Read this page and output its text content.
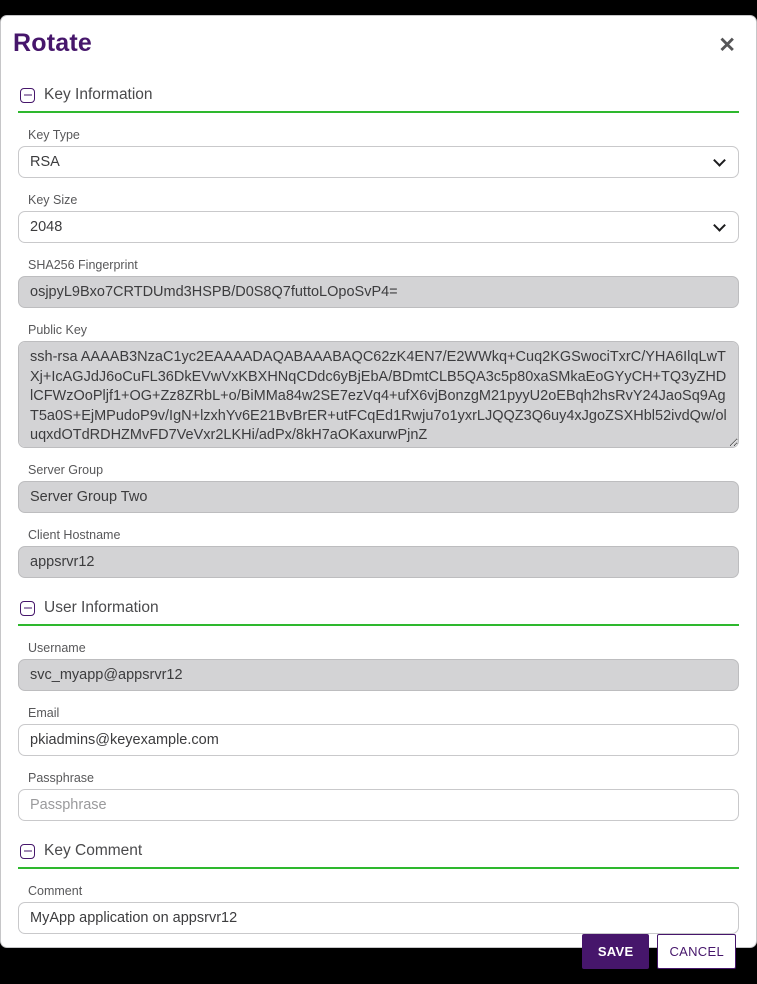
Rotate	✕
Key Information
Key Type
RSA
Key Size
2048
SHA256 Fingerprint
osjpyL9Bxo7CRTDUmd3HSPB/D0S8Q7futtoLOpoSvP4=
Public Key
ssh-rsa AAAAB3NzaC1yc2EAAAADAQABAAABAQC62zK4EN7/E2WWkq+Cuq2KGSwociTxrC/YHA6IlqLwTXj+IcAGJdJ6oCuFL36DkEVwVxKBXHNqCDdc6yBjEbA/BDmtCLB5QA3c5p80xaSMkaEoGYyCH+TQ3yZHDlCFWzOoPljf1+OG+Zz8ZRbL+o/BiMMa84w2SE7ezVq4+ufX6vjBonzgM21pyyU2oEBqh2hsRvY24JaoSq9AgT5a0S+EjMPudoP9v/IgN+lzxhYv6E21BvBrER+utFCqEd1Rwju7o1yxrLJQQZ3Q6uy4xJgoZSXHbl52ivdQw/oluqxdOTdRDHZMvFD7VeVxr2LKHi/adPx/8kH7aOKaxurwPjnZ
Server Group
Server Group Two
Client Hostname
appsrvr12
User Information
Username
svc_myapp@appsrvr12
Email
pkiadmins@keyexample.com
Passphrase
Passphrase
Key Comment
Comment
MyApp application on appsrvr12
SAVE	CANCEL
